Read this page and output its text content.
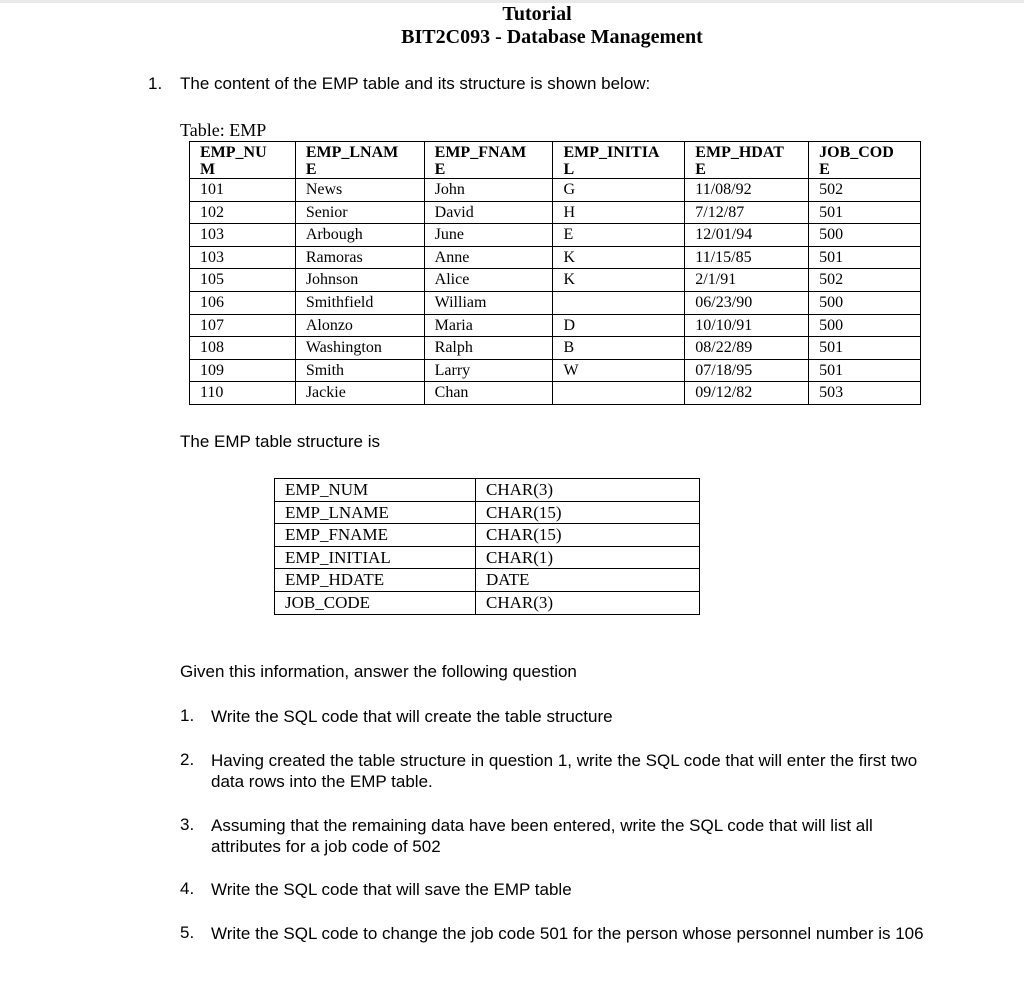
Tutorial
BIT2C093 - Database Management
1. The content of the EMP table and its structure is shown below:
Table: EMP
EMP_NU	EMP_LNAM	EMP_FNAM	EMP_INITIA	EMP_HDAT	JOB_COD
M	E	E	L	E	E
101	News	John	G	11/08/92	502
102	Senior	David	H	7/12/87	501
103	Arbough	June	E	12/01/94	500
103	Ramoras	Anne	K	11/15/85	501
105	Johnson	Alice	K	2/1/91	502
106	Smithfield	William		06/23/90	500
107	Alonzo	Maria	D	10/10/91	500
108	Washington	Ralph	B	08/22/89	501
109	Smith	Larry	W	07/18/95	501
110	Jackie	Chan		09/12/82	503
The EMP table structure is
EMP_NUM	CHAR(3)
EMP_LNAME	CHAR(15)
EMP_FNAME	CHAR(15)
EMP_INITIAL	CHAR(1)
EMP_HDATE	DATE
JOB_CODE	CHAR(3)
Given this information, answer the following question
1. Write the SQL code that will create the table structure
2. Having created the table structure in question 1, write the SQL code that will enter the first two data rows into the EMP table.
3. Assuming that the remaining data have been entered, write the SQL code that will list all attributes for a job code of 502
4. Write the SQL code that will save the EMP table
5. Write the SQL code to change the job code 501 for the person whose personnel number is 106
